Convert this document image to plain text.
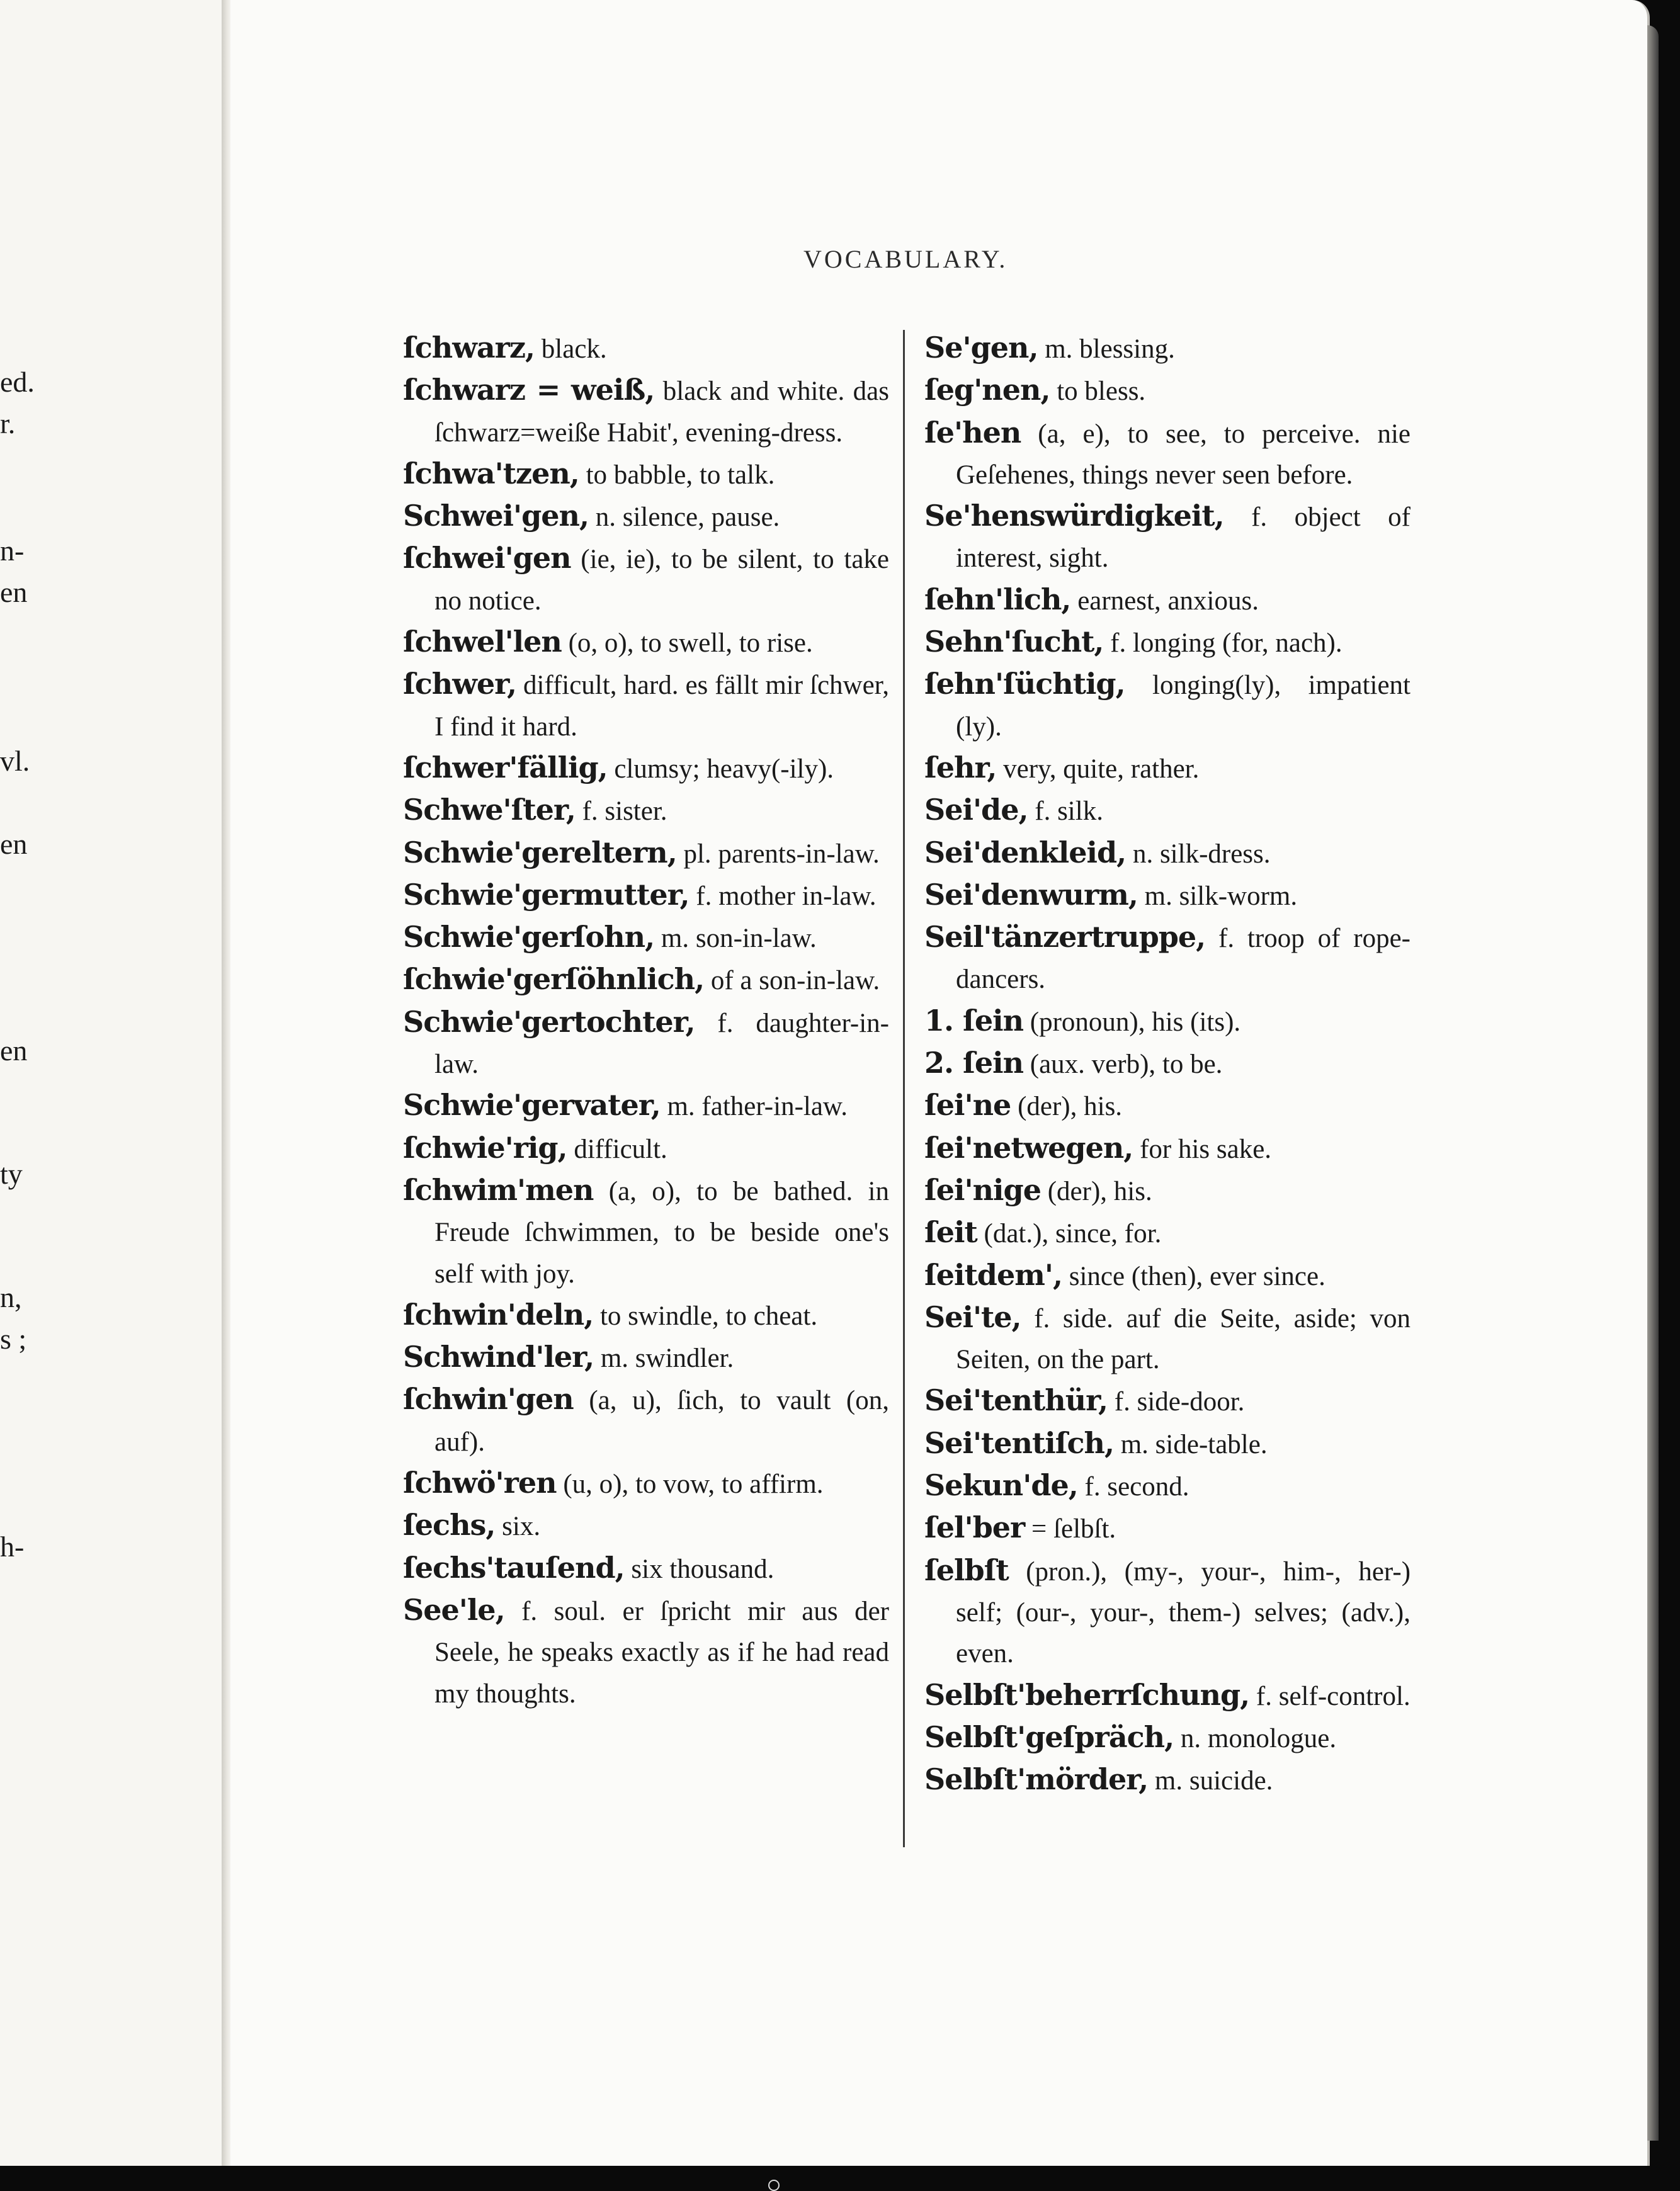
ed.
r.
n-
en
vl.
en
en
ty
n,
s ;
h-
VOCABULARY.
ſchwarz, black.
ſchwarz = weiß, black and white. das ſchwarz=weiße Habit', evening-dress.
ſchwa'tzen, to babble, to talk.
Schwei'gen, n. silence, pause.
ſchwei'gen (ie, ie), to be silent, to take no notice.
ſchwel'len (o, o), to swell, to rise.
ſchwer, difficult, hard. es fällt mir ſchwer, I find it hard.
ſchwer'fällig, clumsy; heavy(-ily).
Schwe'ſter, f. sister.
Schwie'gereltern, pl. parents-in-law.
Schwie'germutter, f. mother in-law.
Schwie'gerſohn, m. son-in-law.
ſchwie'gerſöhnlich, of a son-in-law.
Schwie'gertochter, f. daughter-in-law.
Schwie'gervater, m. father-in-law.
ſchwie'rig, difficult.
ſchwim'men (a, o), to be bathed. in Freude ſchwimmen, to be beside one's self with joy.
ſchwin'deln, to swindle, to cheat.
Schwind'ler, m. swindler.
ſchwin'gen (a, u), ſich, to vault (on, auf).
ſchwö'ren (u, o), to vow, to affirm.
ſechs, six.
ſechs'tauſend, six thousand.
See'le, f. soul. er ſpricht mir aus der Seele, he speaks exactly as if he had read my thoughts.
Se'gen, m. blessing.
ſeg'nen, to bless.
ſe'hen (a, e), to see, to perceive. nie Geſehenes, things never seen before.
Se'henswürdigkeit, f. object of interest, sight.
ſehn'lich, earnest, anxious.
Sehn'ſucht, f. longing (for, nach).
ſehn'ſüchtig, longing(ly), impatient (ly).
ſehr, very, quite, rather.
Sei'de, f. silk.
Sei'denkleid, n. silk-dress.
Sei'denwurm, m. silk-worm.
Seil'tänzertruppe, f. troop of rope-dancers.
1. ſein (pronoun), his (its).
2. ſein (aux. verb), to be.
ſei'ne (der), his.
ſei'netwegen, for his sake.
ſei'nige (der), his.
ſeit (dat.), since, for.
ſeitdem', since (then), ever since.
Sei'te, f. side. auf die Seite, aside; von Seiten, on the part.
Sei'tenthür, f. side-door.
Sei'tentiſch, m. side-table.
Sekun'de, f. second.
ſel'ber = ſelbſt.
ſelbſt (pron.), (my-, your-, him-, her-) self; (our-, your-, them-) selves; (adv.), even.
Selbſt'beherrſchung, f. self-control.
Selbſt'geſpräch, n. monologue.
Selbſt'mörder, m. suicide.
